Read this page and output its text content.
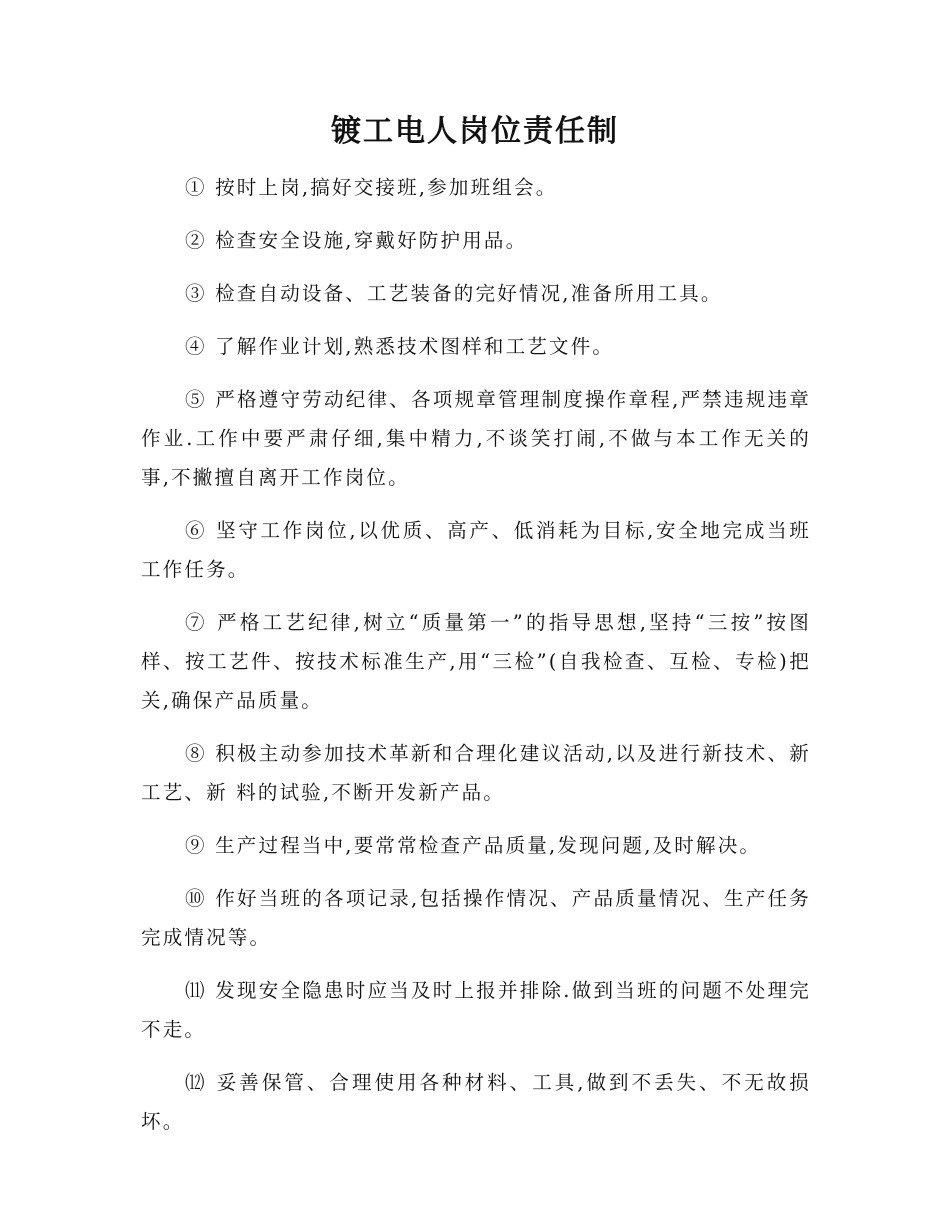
镀工电人岗位责任制

① 按时上岗,搞好交接班,参加班组会。

② 检查安全设施,穿戴好防护用品。

③ 检查自动设备、工艺装备的完好情况,准备所用工具。

④ 了解作业计划,熟悉技术图样和工艺文件。

⑤ 严格遵守劳动纪律、各项规章管理制度操作章程,严禁违规违章作业.工作中要严肃仔细,集中精力,不谈笑打闹,不做与本工作无关的事,不撇擅自离开工作岗位。

⑥ 坚守工作岗位,以优质、高产、低消耗为目标,安全地完成当班工作任务。

⑦ 严格工艺纪律,树立“质量第一”的指导思想,坚持“三按”按图样、按工艺件、按技术标准生产,用“三检”(自我检查、互检、专检)把关,确保产品质量。

⑧ 积极主动参加技术革新和合理化建议活动,以及进行新技术、新工艺、新 料的试验,不断开发新产品。

⑨ 生产过程当中,要常常检查产品质量,发现问题,及时解决。

⑩ 作好当班的各项记录,包括操作情况、产品质量情况、生产任务完成情况等。

⑾ 发现安全隐患时应当及时上报并排除.做到当班的问题不处理完不走。

⑿ 妥善保管、合理使用各种材料、工具,做到不丢失、不无故损坏。
